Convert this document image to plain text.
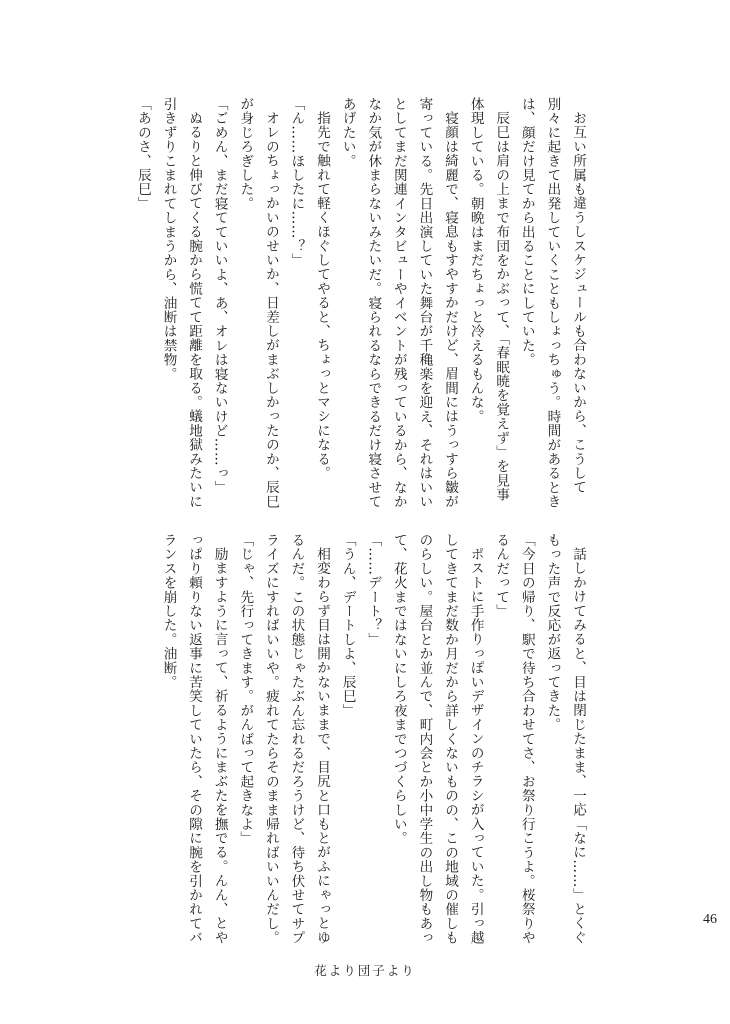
お互い所属も違うしスケジュールも合わないから、こうして別々に起きて出発していくこともしょっちゅう。時間があるときは、顔だけ見てから出ることにしていた。

辰巳は肩の上まで布団をかぶって、「春眠暁を覚えず」を見事体現している。朝晩はまだちょっと冷えるもんな。

寝顔は綺麗で、寝息もすやすかだけど、眉間にはうっすら皺が寄っている。先日出演していた舞台が千穐楽を迎え、それはいいとしてまだ関連インタビューやイベントが残っているから、なかなか気が休まらないみたいだ。寝られるならできるだけ寝させてあげたい。

指先で触れて軽くほぐしてやると、ちょっとマシになる。

「ん……ほしたに……？」

オレのちょっかいのせいか、日差しがまぶしかったのか、辰巳が身じろぎした。

「ごめん、まだ寝てていいよ、あ、オレは寝ないけど……っ」

ぬるりと伸びてくる腕から慌てて距離を取る。蟻地獄みたいに引きずりこまれてしまうから、油断は禁物。

「あのさ、辰巳」

話しかけてみると、目は閉じたまま、一応「なに……」とくぐもった声で反応が返ってきた。

「今日の帰り、駅で待ち合わせてさ、お祭り行こうよ。桜祭りやるんだって」

ポストに手作りっぽいデザインのチラシが入っていた。引っ越してきてまだ数か月だから詳しくないものの、この地域の催しものらしい。屋台とか並んで、町内会とか小中学生の出し物もあって、花火まではないにしろ夜までつづくらしい。

「……デート？」

「うん、デートしよ、辰巳」

相変わらず目は開かないままで、目尻と口もとがふにゃっとゆるんだ。この状態じゃたぶん忘れるだろうけど、待ち伏せてサプライズにすればいいや。疲れてたらそのまま帰ればいいんだし。

「じゃ、先行ってきます。がんばって起きなよ」

励ますように言って、祈るようにまぶたを撫でる。んん、とやっぱり頼りない返事に苦笑していたら、その隙に腕を引かれてバランスを崩した。油断。

46
花より団子より
